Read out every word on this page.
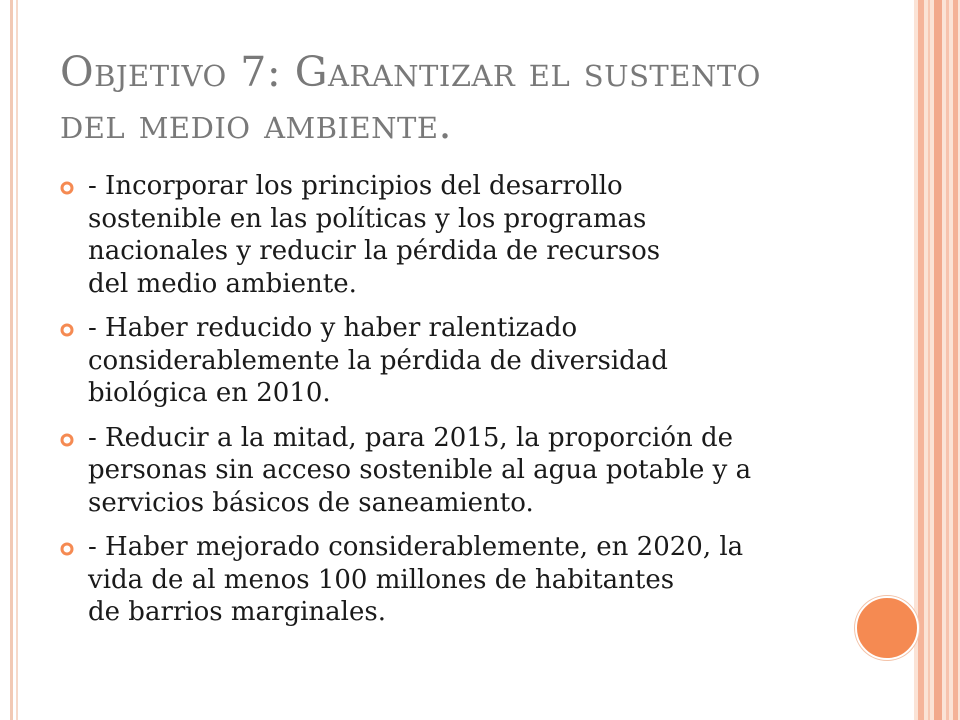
Objetivo 7: Garantizar el sustento
del medio ambiente.
- Incorporar los principios del desarrollo
sostenible en las políticas y los programas
nacionales y reducir la pérdida de recursos
del medio ambiente.
- Haber reducido y haber ralentizado
considerablemente la pérdida de diversidad
biológica en 2010.
- Reducir a la mitad, para 2015, la proporción de
personas sin acceso sostenible al agua potable y a
servicios básicos de saneamiento.
- Haber mejorado considerablemente, en 2020, la
vida de al menos 100 millones de habitantes
de barrios marginales.
